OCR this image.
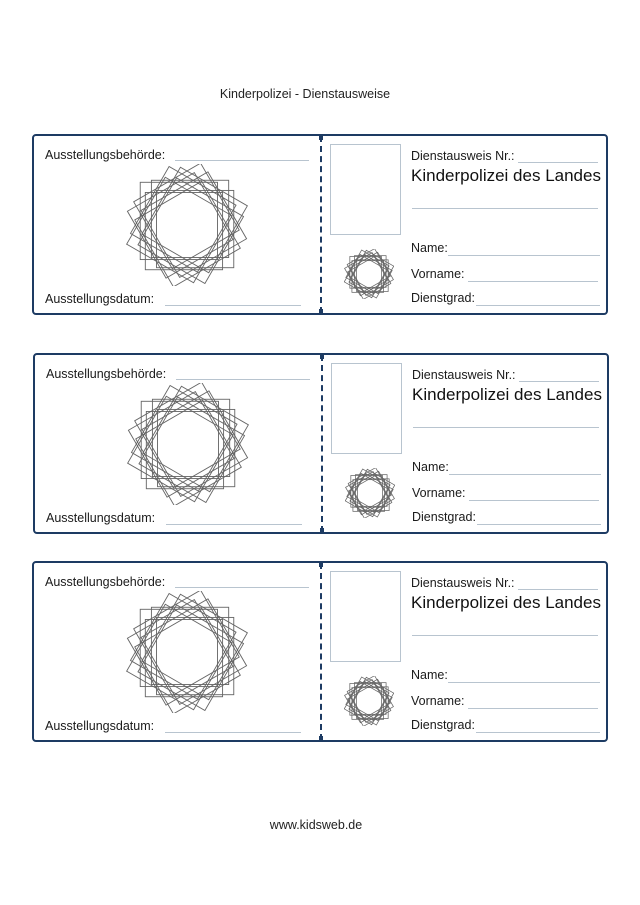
Kinderpolizei - Dienstausweise
Ausstellungsbehörde:
Ausstellungsdatum:
Dienstausweis Nr.:
Kinderpolizei des Landes
Name:
Vorname:
Dienstgrad:
Ausstellungsbehörde:
Ausstellungsdatum:
Dienstausweis Nr.:
Kinderpolizei des Landes
Name:
Vorname:
Dienstgrad:
Ausstellungsbehörde:
Ausstellungsdatum:
Dienstausweis Nr.:
Kinderpolizei des Landes
Name:
Vorname:
Dienstgrad:
www.kidsweb.de
